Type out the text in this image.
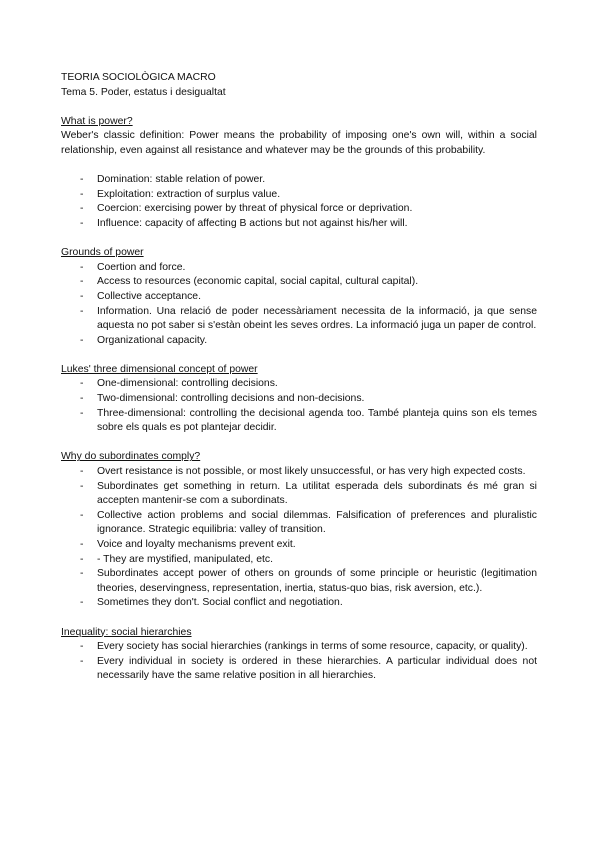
TEORIA SOCIOLÒGICA MACRO

Tema 5. Poder, estatus i desigualtat

What is power?

Weber's classic definition: Power means the probability of imposing one's own will, within a social relationship, even against all resistance and whatever may be the grounds of this probability.

- Domination: stable relation of power.
- Exploitation: extraction of surplus value.
- Coercion: exercising power by threat of physical force or deprivation.
- Influence: capacity of affecting B actions but not against his/her will.

Grounds of power

- Coertion and force.
- Access to resources (economic capital, social capital, cultural capital).
- Collective acceptance.
- Information. Una relació de poder necessàriament necessita de la informació, ja que sense aquesta no pot saber si s'estàn obeint les seves ordres. La informació juga un paper de control.
- Organizational capacity.

Lukes' three dimensional concept of power

- One-dimensional: controlling decisions.
- Two-dimensional: controlling decisions and non-decisions.
- Three-dimensional: controlling the decisional agenda too. També planteja quins son els temes sobre els quals es pot plantejar decidir.

Why do subordinates comply?

- Overt resistance is not possible, or most likely unsuccessful, or has very high expected costs.
- Subordinates get something in return. La utilitat esperada dels subordinats és mé gran si accepten mantenir-se com a subordinats.
- Collective action problems and social dilemmas. Falsification of preferences and pluralistic ignorance. Strategic equilibria: valley of transition.
- Voice and loyalty mechanisms prevent exit.
- - They are mystified, manipulated, etc.
- Subordinates accept power of others on grounds of some principle or heuristic (legitimation theories, deservingness, representation, inertia, status-quo bias, risk aversion, etc.).
- Sometimes they don't. Social conflict and negotiation.

Inequality: social hierarchies

- Every society has social hierarchies (rankings in terms of some resource, capacity, or quality).
- Every individual in society is ordered in these hierarchies. A particular individual does not necessarily have the same relative position in all hierarchies.
